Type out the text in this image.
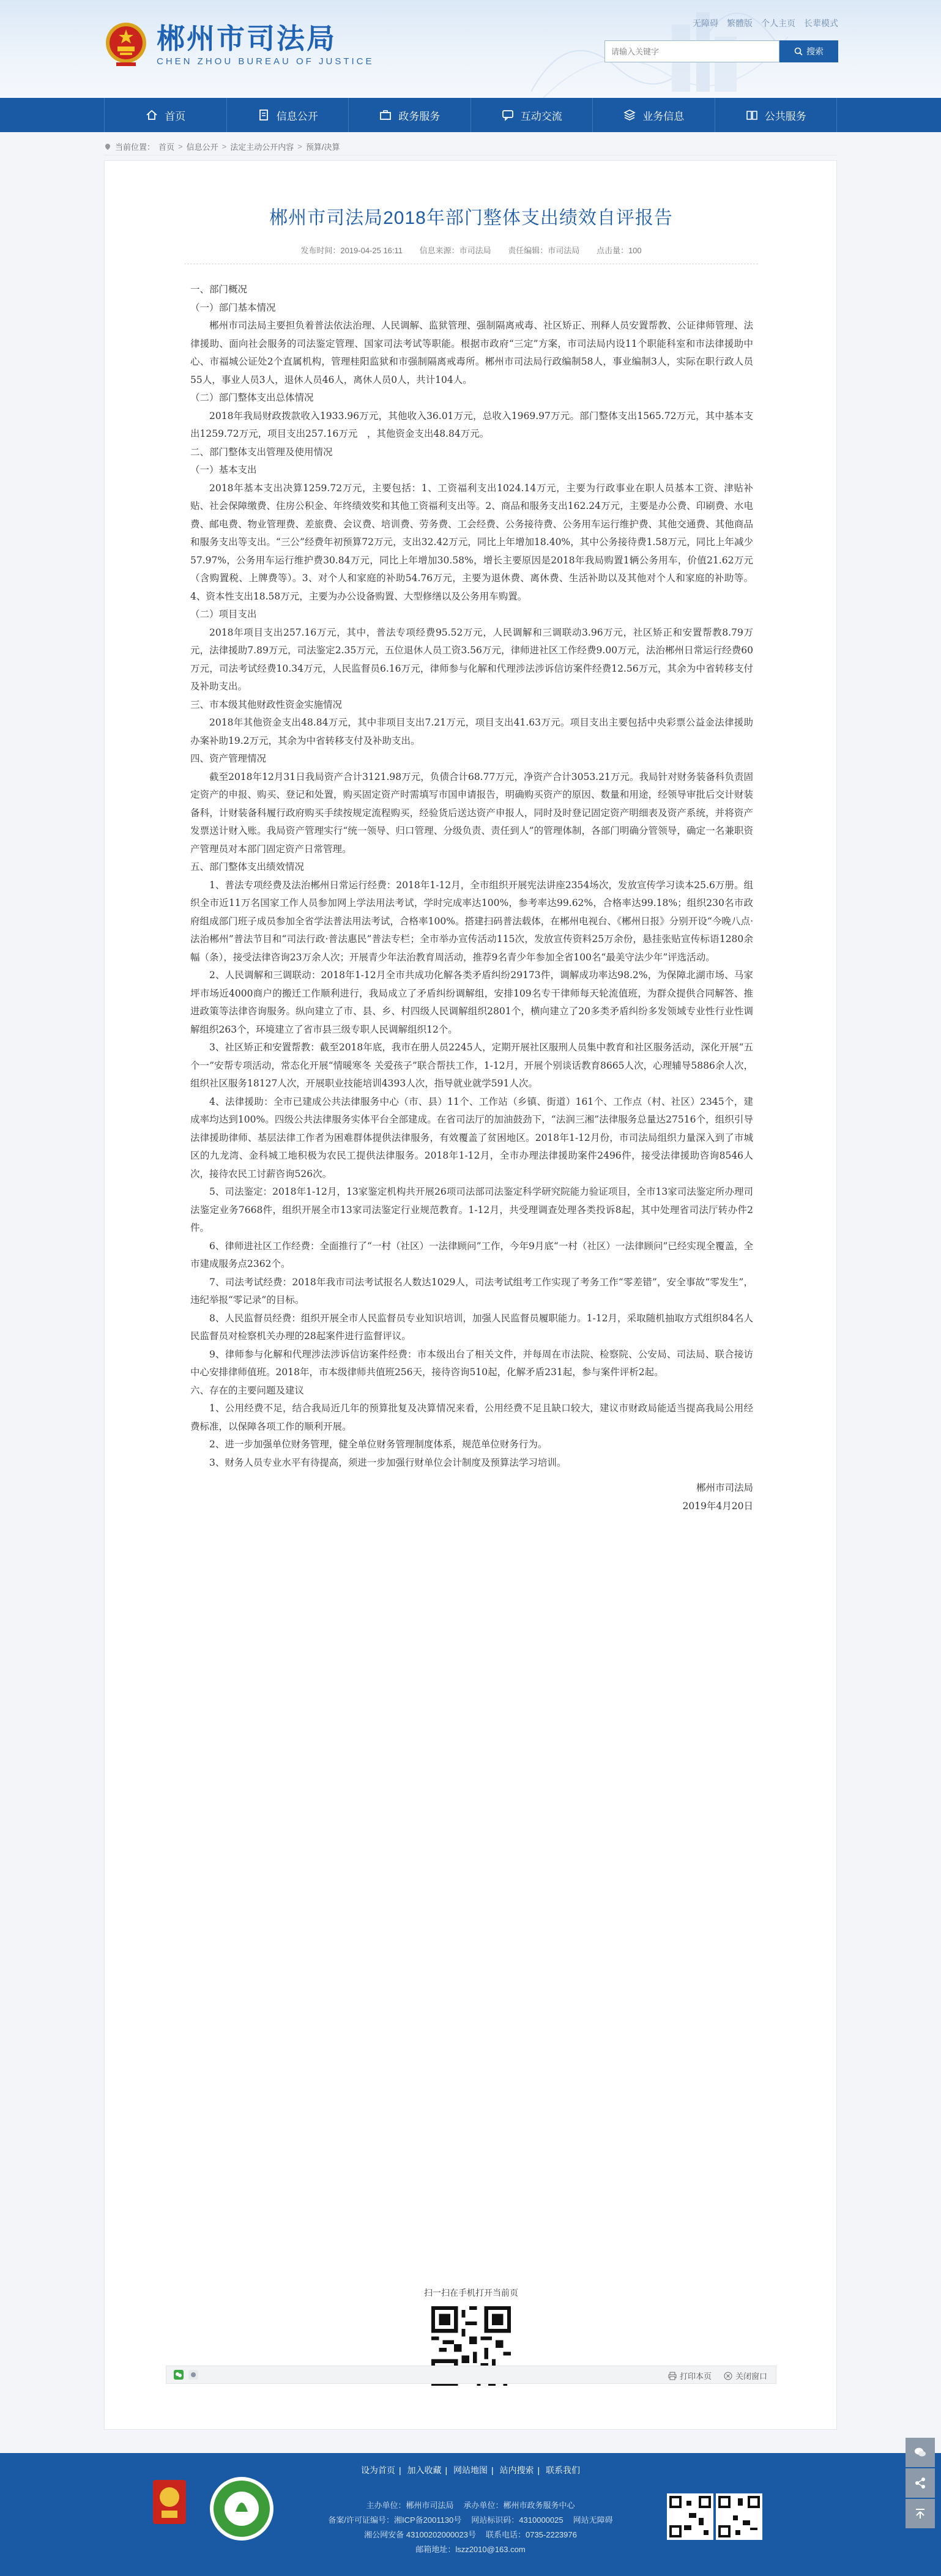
郴州市司法局
CHEN ZHOU BUREAU OF JUSTICE
无障碍 繁體版 个人主页 长辈模式
请输入关键字
搜索
首页	信息公开	政务服务	互动交流	业务信息	公共服务
当前位置： 首页 > 信息公开 > 法定主动公开内容 > 预算/决算
郴州市司法局2018年部门整体支出绩效自评报告
发布时间：2019-04-25 16:11 信息来源：市司法局 责任编辑：市司法局 点击量：100

一、部门概况

（一）部门基本情况

郴州市司法局主要担负着普法依法治理、人民调解、监狱管理、强制隔离戒毒、社区矫正、刑释人员安置帮教、公证律师管理、法律援助、面向社会服务的司法鉴定管理、国家司法考试等职能。根据市政府“三定”方案，市司法局内设11个职能科室和市法律援助中心、市福城公证处2个直属机构，管理桂阳监狱和市强制隔离戒毒所。郴州市司法局行政编制58人，事业编制3人，实际在职行政人员55人，事业人员3人，退休人员46人，离休人员0人，共计104人。

（二）部门整体支出总体情况

2018年我局财政拨款收入1933.96万元，其他收入36.01万元，总收入1969.97万元。部门整体支出1565.72万元，其中基本支出1259.72万元，项目支出257.16万元　，其他资金支出48.84万元。

二、部门整体支出管理及使用情况

（一）基本支出

2018年基本支出决算1259.72万元，主要包括：1、工资福利支出1024.14万元，主要为行政事业在职人员基本工资、津贴补贴、社会保障缴费、住房公积金、年终绩效奖和其他工资福利支出等。2、商品和服务支出162.24万元，主要是办公费、印刷费、水电费、邮电费、物业管理费、差旅费、会议费、培训费、劳务费、工会经费、公务接待费、公务用车运行维护费、其他交通费、其他商品和服务支出等支出。“三公”经费年初预算72万元，支出32.42万元，同比上年增加18.40%，其中公务接待费1.58万元，同比上年减少57.97%，公务用车运行维护费30.84万元，同比上年增加30.58%，增长主要原因是2018年我局购置1辆公务用车，价值21.62万元（含购置税、上牌费等）。3、对个人和家庭的补助54.76万元，主要为退休费、离休费、生活补助以及其他对个人和家庭的补助等。4、资本性支出18.58万元，主要为办公设备购置、大型修缮以及公务用车购置。

（二）项目支出

2018年项目支出257.16万元，其中，普法专项经费95.52万元，人民调解和三调联动3.96万元，社区矫正和安置帮教8.79万元，法律援助7.89万元，司法鉴定2.35万元，五位退休人员工资3.56万元，律师进社区工作经费9.00万元，法治郴州日常运行经费60万元，司法考试经费10.34万元，人民监督员6.16万元，律师参与化解和代理涉法涉诉信访案件经费12.56万元，其余为中省转移支付及补助支出。

三、市本级其他财政性资金实施情况

2018年其他资金支出48.84万元，其中非项目支出7.21万元，项目支出41.63万元。项目支出主要包括中央彩票公益金法律援助办案补助19.2万元，其余为中省转移支付及补助支出。

四、资产管理情况

截至2018年12月31日我局资产合计3121.98万元，负债合计68.77万元，净资产合计3053.21万元。我局针对财务装备科负责固定资产的申报、购买、登记和处置，购买固定资产时需填写市国申请报告，明确购买资产的原因、数量和用途，经领导审批后交计财装备科，计财装备科履行政府购买手续按规定流程购买，经验货后送达资产申报人，同时及时登记固定资产明细表及资产系统，并将资产发票送计财入账。我局资产管理实行“统一领导、归口管理、分级负责、责任到人”的管理体制，各部门明确分管领导，确定一名兼职资产管理员对本部门固定资产日常管理。

五、部门整体支出绩效情况

1、普法专项经费及法治郴州日常运行经费：2018年1-12月，全市组织开展宪法讲座2354场次，发放宣传学习读本25.6万册。组织全市近11万名国家工作人员参加网上学法用法考试，学时完成率达100%，参考率达99.62%，合格率达99.18%；组织230名市政府组成部门班子成员参加全省学法普法用法考试，合格率100%。搭建扫码普法载体，在郴州电视台、《郴州日报》分别开设“今晚八点·法治郴州”普法节目和“司法行政·普法惠民”普法专栏；全市举办宣传活动115次，发放宣传资料25万余份，悬挂张贴宣传标语1280余幅（条），接受法律咨询23万余人次；开展青少年法治教育周活动，推荐9名青少年参加全省100名“最美守法少年”评选活动。

2、人民调解和三调联动：2018年1-12月全市共成功化解各类矛盾纠纷29173件，调解成功率达98.2%，为保障北湖市场、马家坪市场近4000商户的搬迁工作顺利进行，我局成立了矛盾纠纷调解组，安排109名专干律师每天轮流值班，为群众提供合同解答、推进政策等法律咨询服务。纵向建立了市、县、乡、村四级人民调解组织2801个，横向建立了20多类矛盾纠纷多发领域专业性行业性调解组织263个，环境建立了省市县三级专职人民调解组织12个。

3、社区矫正和安置帮教：截至2018年底，我市在册人员2245人，定期开展社区服刑人员集中教育和社区服务活动，深化开展“五个一”安帮专项活动，常态化开展“情暖寒冬 关爱孩子”联合帮扶工作，1-12月，开展个别谈话教育8665人次，心理辅导5886余人次，组织社区服务18127人次，开展职业技能培训4393人次，指导就业就学591人次。

4、法律援助：全市已建成公共法律服务中心（市、县）11个、工作站（乡镇、街道）161个、工作点（村、社区）2345个，建成率均达到100%。四级公共法律服务实体平台全部建成。在省司法厅的加油鼓劲下，“法润三湘”法律服务总量达27516个，组织引导法律援助律师、基层法律工作者为困难群体提供法律服务，有效覆盖了贫困地区。2018年1-12月份，市司法局组织力量深入到了市城区的九龙湾、金科城工地积极为农民工提供法律服务。2018年1-12月，全市办理法律援助案件2496件，接受法律援助咨询8546人次，接待农民工讨薪咨询526次。

5、司法鉴定：2018年1-12月，13家鉴定机构共开展26项司法部司法鉴定科学研究院能力验证项目，全市13家司法鉴定所办理司法鉴定业务7668件，组织开展全市13家司法鉴定行业规范教育。1-12月，共受理调查处理各类投诉8起，其中处理省司法厅转办件2件。

6、律师进社区工作经费：全面推行了“一村（社区）一法律顾问”工作，今年9月底“一村（社区）一法律顾问”已经实现全覆盖，全市建成服务点2362个。

7、司法考试经费：2018年我市司法考试报名人数达1029人，司法考试组考工作实现了考务工作“零差错”，安全事故“零发生”，违纪举报“零记录”的目标。

8、人民监督员经费：组织开展全市人民监督员专业知识培训，加强人民监督员履职能力。1-12月，采取随机抽取方式组织84名人民监督员对检察机关办理的28起案件进行监督评议。

9、律师参与化解和代理涉法涉诉信访案件经费：市本级出台了相关文件，并每周在市法院、检察院、公安局、司法局、联合接访中心安排律师值班。2018年，市本级律师共值班256天，接待咨询510起，化解矛盾231起，参与案件评析2起。

六、存在的主要问题及建议

1、公用经费不足，结合我局近几年的预算批复及决算情况来看，公用经费不足且缺口较大，建议市财政局能适当提高我局公用经费标准，以保障各项工作的顺利开展。

2、进一步加强单位财务管理，健全单位财务管理制度体系，规范单位财务行为。

3、财务人员专业水平有待提高，须进一步加强行财单位会计制度及预算法学习培训。

郴州市司法局

2019年4月20日

扫一扫在手机打开当前页
打印本页	关闭窗口
设为首页 | 加入收藏 | 网站地图 | 站内搜索 | 联系我们
主办单位：郴州市司法局 承办单位：郴州市政务服务中心
备案/许可证编号：湘ICP备2001130号 网站标识码：4310000025 网站无障碍
湘公网安备 43100202000023号 联系电话：0735-2223976
邮箱地址：lszz2010@163.com
